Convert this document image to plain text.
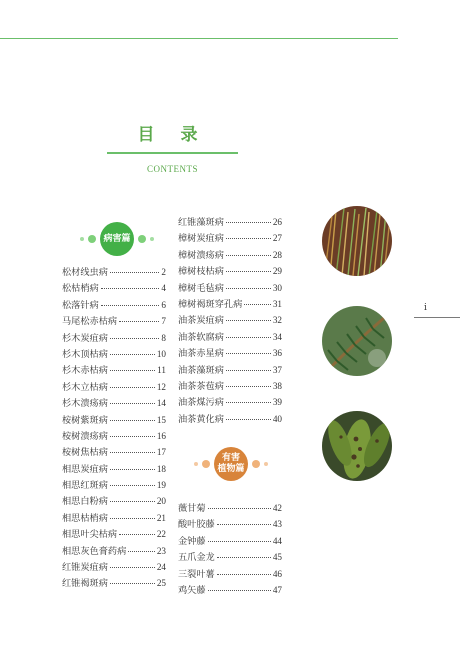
目 录
CONTENTS
病害篇
有害
植物篇
松材线虫病	2
松枯梢病	4
松落针病	6
马尾松赤枯病	7
杉木炭疽病	8
杉木顶枯病	10
杉木赤枯病	11
杉木立枯病	12
杉木溃疡病	14
桉树紫斑病	15
桉树溃疡病	16
桉树焦枯病	17
相思炭疽病	18
相思红斑病	19
相思白粉病	20
相思枯梢病	21
相思叶尖枯病	22
相思灰色膏药病	23
红锥炭疽病	24
红锥褐斑病	25
红锥藻斑病	26
樟树炭疽病	27
樟树溃疡病	28
樟树枝枯病	29
樟树毛毡病	30
樟树褐斑穿孔病	31
油茶炭疽病	32
油茶软腐病	34
油茶赤星病	36
油茶藻斑病	37
油茶茶苞病	38
油茶煤污病	39
油茶黄化病	40
薇甘菊	42
酸叶胶藤	43
金钟藤	44
五爪金龙	45
三裂叶薯	46
鸡矢藤	47
i
